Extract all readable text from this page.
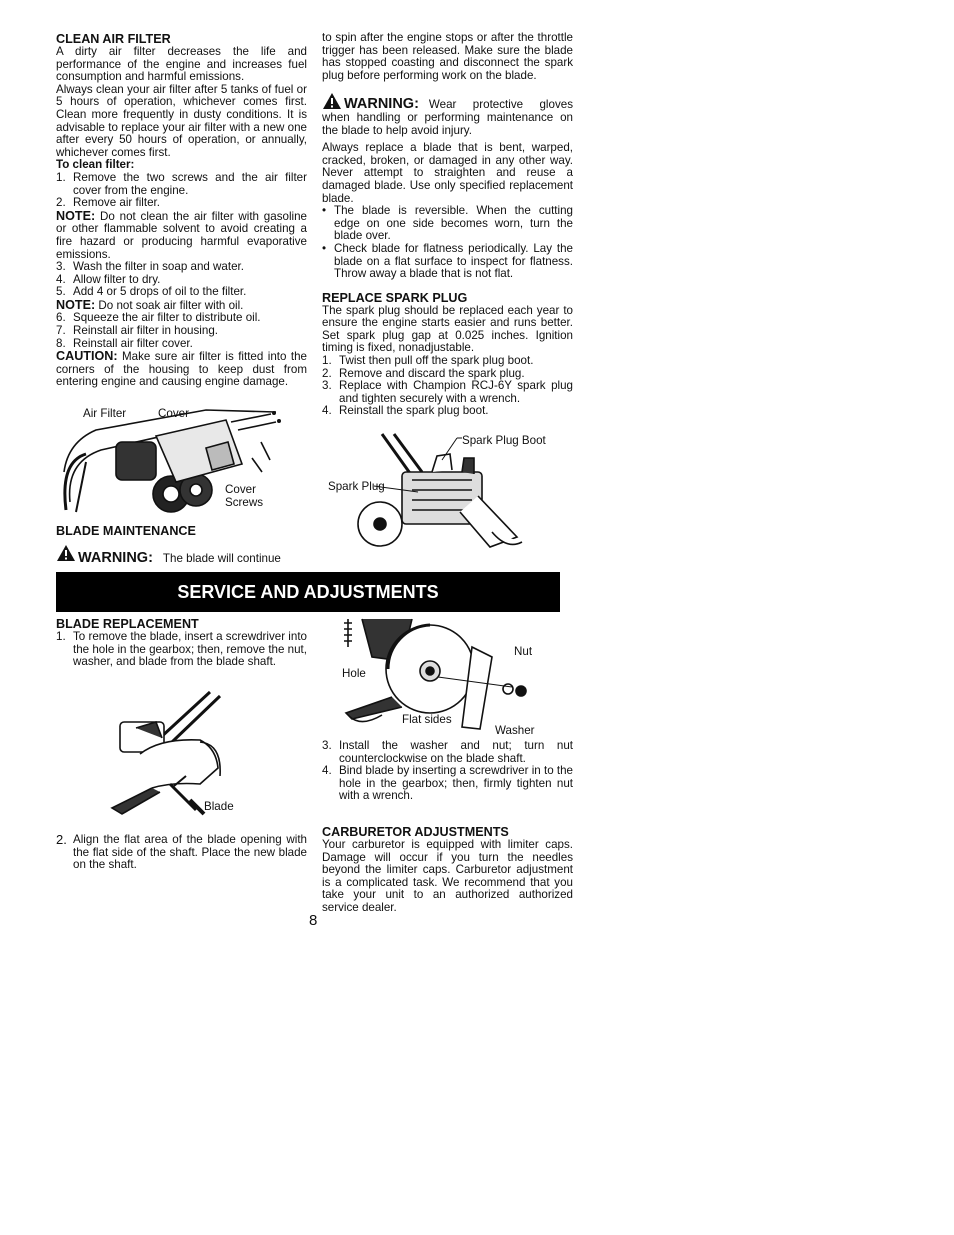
CLEAN AIR FILTER

A dirty air filter decreases the life and performance of the engine and increases fuel consumption and harmful emissions.

Always clean your air filter after 5 tanks of fuel or 5 hours of operation, whichever comes first. Clean more frequently in dusty conditions. It is advisable to replace your air filter with a new one after every 50 hours of operation, or annually, whichever comes first.

To clean filter:
1. Remove the two screws and the air filter cover from the engine.
2. Remove air filter.

NOTE: Do not clean the air filter with gasoline or other flammable solvent to avoid creating a fire hazard or producing harmful evaporative emissions.

3. Wash the filter in soap and water.
4. Allow filter to dry.
5. Add 4 or 5 drops of oil to the filter.

NOTE: Do not soak air filter with oil.

6. Squeeze the air filter to distribute oil.
7. Reinstall air filter in housing.
8. Reinstall air filter cover.

CAUTION: Make sure air filter is fitted into the corners of the housing to keep dust from entering engine and causing engine damage.

Air Filter	Cover
Cover
Screws
BLADE MAINTENANCE
WARNING: The blade will continue

to spin after the engine stops or after the throttle trigger has been released. Make sure the blade has stopped coasting and disconnect the spark plug before performing work on the blade.

WARNING: Wear protective gloves when handling or performing maintenance on the blade to help avoid injury.

Always replace a blade that is bent, warped, cracked, broken, or damaged in any other way. Never attempt to straighten and reuse a damaged blade. Use only specified replacement blade.

• The blade is reversible. When the cutting edge on one side becomes worn, turn the blade over.
• Check blade for flatness periodically. Lay the blade on a flat surface to inspect for flatness. Throw away a blade that is not flat.
REPLACE SPARK PLUG

The spark plug should be replaced each year to ensure the engine starts easier and runs better. Set spark plug gap at 0.025 inches. Ignition timing is fixed, nonadjustable.

1. Twist then pull off the spark plug boot.
2. Remove and discard the spark plug.
3. Replace with Champion RCJ-6Y spark plug and tighten securely with a wrench.
4. Reinstall the spark plug boot.
Spark Plug Boot
Spark Plug
SERVICE AND ADJUSTMENTS
BLADE REPLACEMENT
1. To remove the blade, insert a screwdriver into the hole in the gearbox; then, remove the nut, washer, and blade from the blade shaft.
Blade
2. Align the flat area of the blade opening with the flat side of the shaft. Place the new blade on the shaft.
Nut
Hole
Flat sides
Washer
3. Install the washer and nut; turn nut counterclockwise on the blade shaft.
4. Bind blade by inserting a screwdriver in to the hole in the gearbox; then, firmly tighten nut with a wrench.
CARBURETOR ADJUSTMENTS

Your carburetor is equipped with limiter caps. Damage will occur if you turn the needles beyond the limiter caps. Carburetor adjustment is a complicated task. We recommend that you take your unit to an authorized authorized service dealer.

8
